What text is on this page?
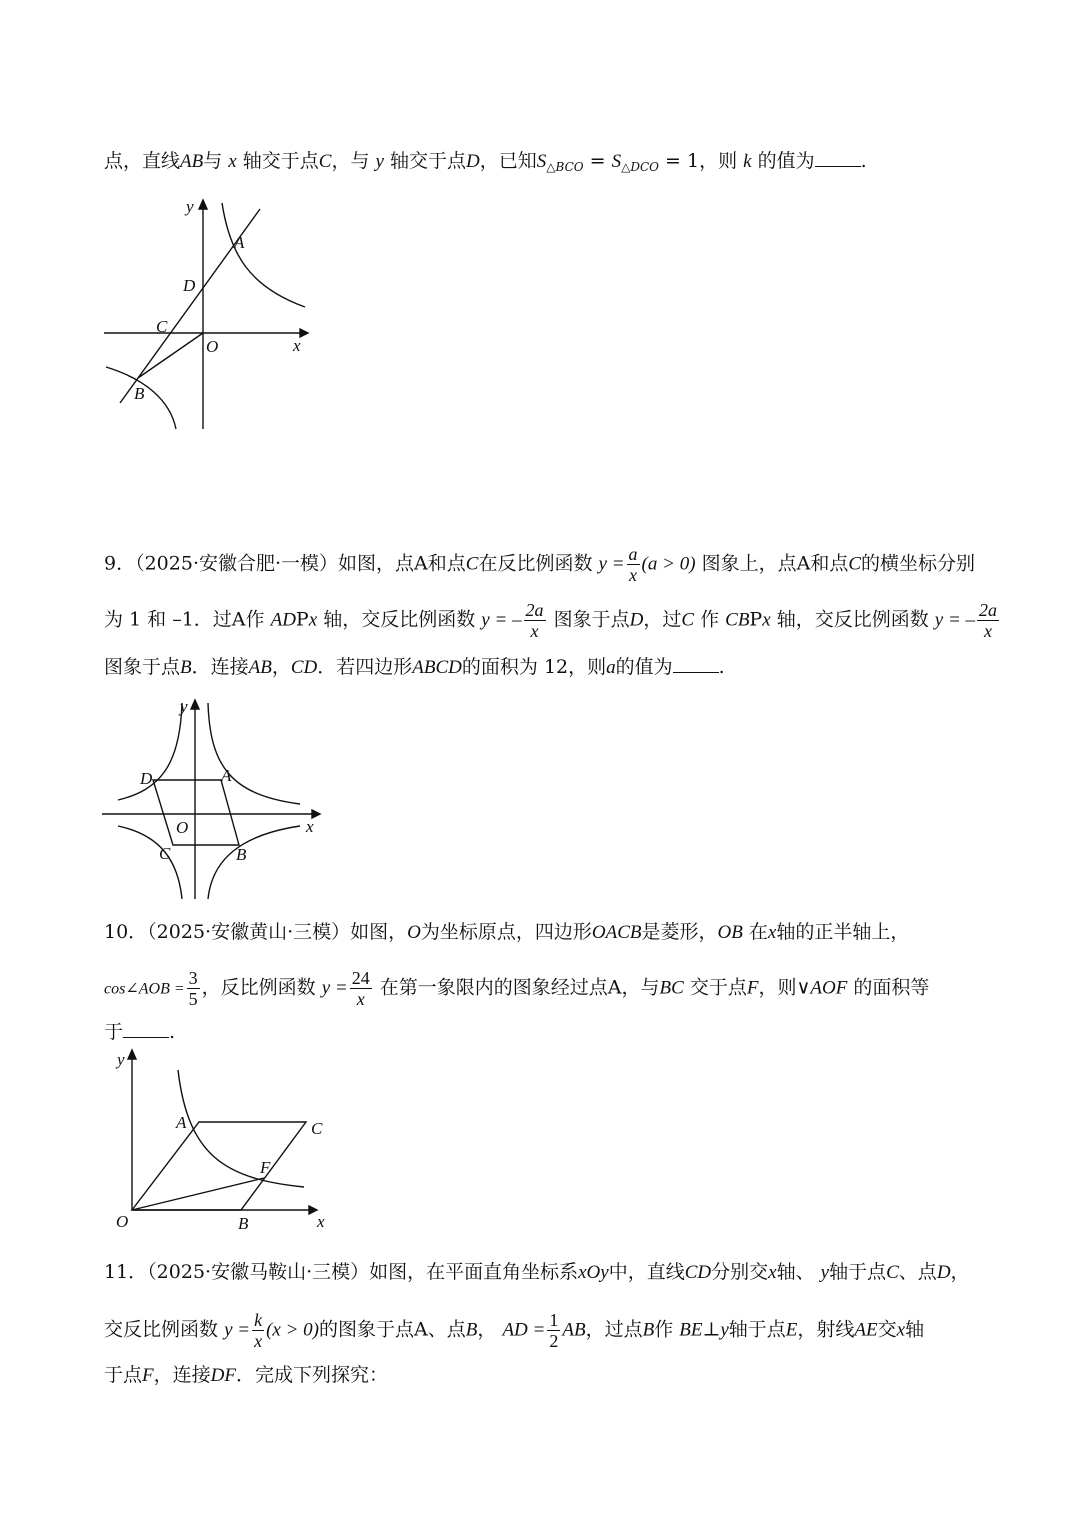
点，直线AB与 x 轴交于点C，与 y 轴交于点D，已知$S_{\triangle BCO} = S_{\triangle DCO} = 1$，则 k 的值为 .
y
x
A
D
C
O
B
9．（2025·安徽合肥·一模）如图，点A和点C在反比例函数 $y = \frac{a}{x} (a > 0)$ 图象上，点A和点C的横坐标分别
为 1 和 –1．过A作 ADPx 轴，交反比例函数 y = – $\frac{2a}{x}$ 图象于点D，过C 作 CBPx 轴，交反比例函数 y = – $\frac{2a}{x}$
图象于点B．连接AB，CD．若四边形ABCD的面积为 12，则a的值为 .
y
x
D	A
O
C	B
10．（2025·安徽黄山·三模）如图，O为坐标原点，四边形OACB是菱形，OB 在x轴的正半轴上，
cos∠AOB = $\frac{3}{5}$ ，反比例函数 $y = \frac{24}{x}$ 在第一象限内的图象经过点A，与BC 交于点F，则∨AOF 的面积等
于 .
y
x
A	C
F
O	B
11．（2025·安徽马鞍山·三模）如图，在平面直角坐标系xOy中，直线CD分别交x轴、 y轴于点C、点D，
交反比例函数 $y = \frac{k}{x} (x > 0)$的图象于点A、点B， AD = $\frac{1}{2}$ AB，过点B作 BE⊥y轴于点E，射线AE交x轴
于点F，连接DF．完成下列探究：
